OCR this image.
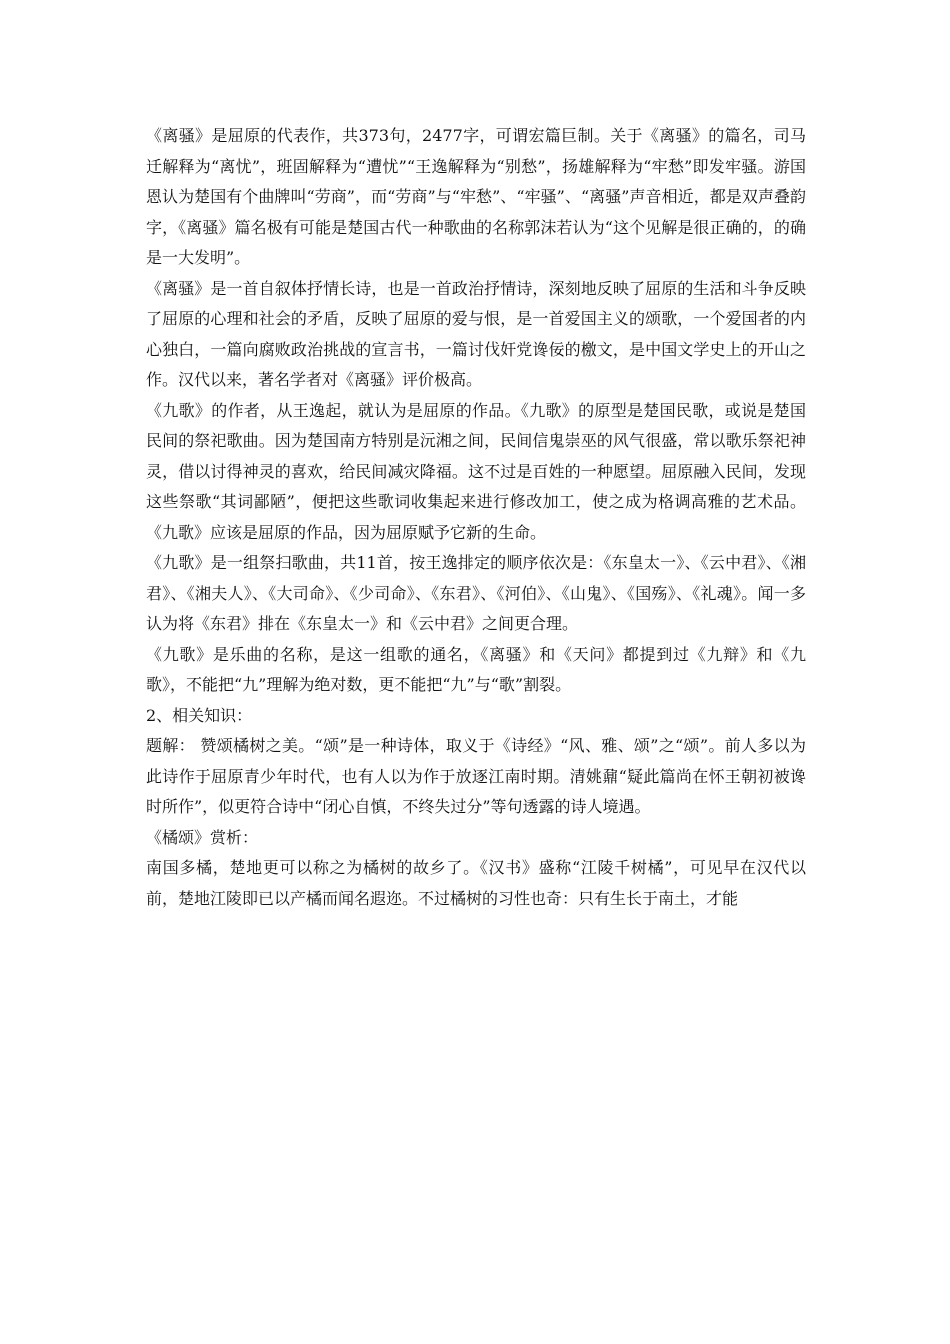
《离骚》是屈原的代表作，共373句，2477字，可谓宏篇巨制。关于《离骚》的篇名，司马迁解释为“离忧”，班固解释为“遭忧”“王逸解释为“别愁”，扬雄解释为“牢愁”即发牢骚。游国恩认为楚国有个曲牌叫“劳商”，而“劳商”与“牢愁”、“牢骚”、“离骚”声音相近，都是双声叠韵字，《离骚》篇名极有可能是楚国古代一种歌曲的名称郭沫若认为“这个见解是很正确的，的确是一大发明”。

《离骚》是一首自叙体抒情长诗，也是一首政治抒情诗，深刻地反映了屈原的生活和斗争反映了屈原的心理和社会的矛盾，反映了屈原的爱与恨，是一首爱国主义的颂歌，一个爱国者的内心独白，一篇向腐败政治挑战的宣言书，一篇讨伐奸党谗佞的檄文，是中国文学史上的开山之作。汉代以来，著名学者对《离骚》评价极高。

《九歌》的作者，从王逸起，就认为是屈原的作品。《九歌》的原型是楚国民歌，或说是楚国民间的祭祀歌曲。因为楚国南方特别是沅湘之间，民间信鬼崇巫的风气很盛，常以歌乐祭祀神灵，借以讨得神灵的喜欢，给民间减灾降福。这不过是百姓的一种愿望。屈原融入民间，发现这些祭歌“其词鄙陋”，便把这些歌词收集起来进行修改加工，使之成为格调高雅的艺术品。《九歌》应该是屈原的作品，因为屈原赋予它新的生命。

《九歌》是一组祭扫歌曲，共11首，按王逸排定的顺序依次是：《东皇太一》、《云中君》、《湘君》、《湘夫人》、《大司命》、《少司命》、《东君》、《河伯》、《山鬼》、《国殇》、《礼魂》。闻一多认为将《东君》排在《东皇太一》和《云中君》之间更合理。

《九歌》是乐曲的名称，是这一组歌的通名，《离骚》和《天问》都提到过《九辩》和《九歌》，不能把“九”理解为绝对数，更不能把“九”与“歌”割裂。

2、相关知识：

题解： 赞颂橘树之美。“颂”是一种诗体，取义于《诗经》“风、雅、颂”之“颂”。前人多以为此诗作于屈原青少年时代，也有人以为作于放逐江南时期。清姚鼐“疑此篇尚在怀王朝初被谗时所作”，似更符合诗中“闭心自慎，不终失过分”等句透露的诗人境遇。

《橘颂》赏析：

南国多橘，楚地更可以称之为橘树的故乡了。《汉书》盛称“江陵千树橘”，可见早在汉代以前，楚地江陵即已以产橘而闻名遐迩。不过橘树的习性也奇：只有生长于南土，才能
